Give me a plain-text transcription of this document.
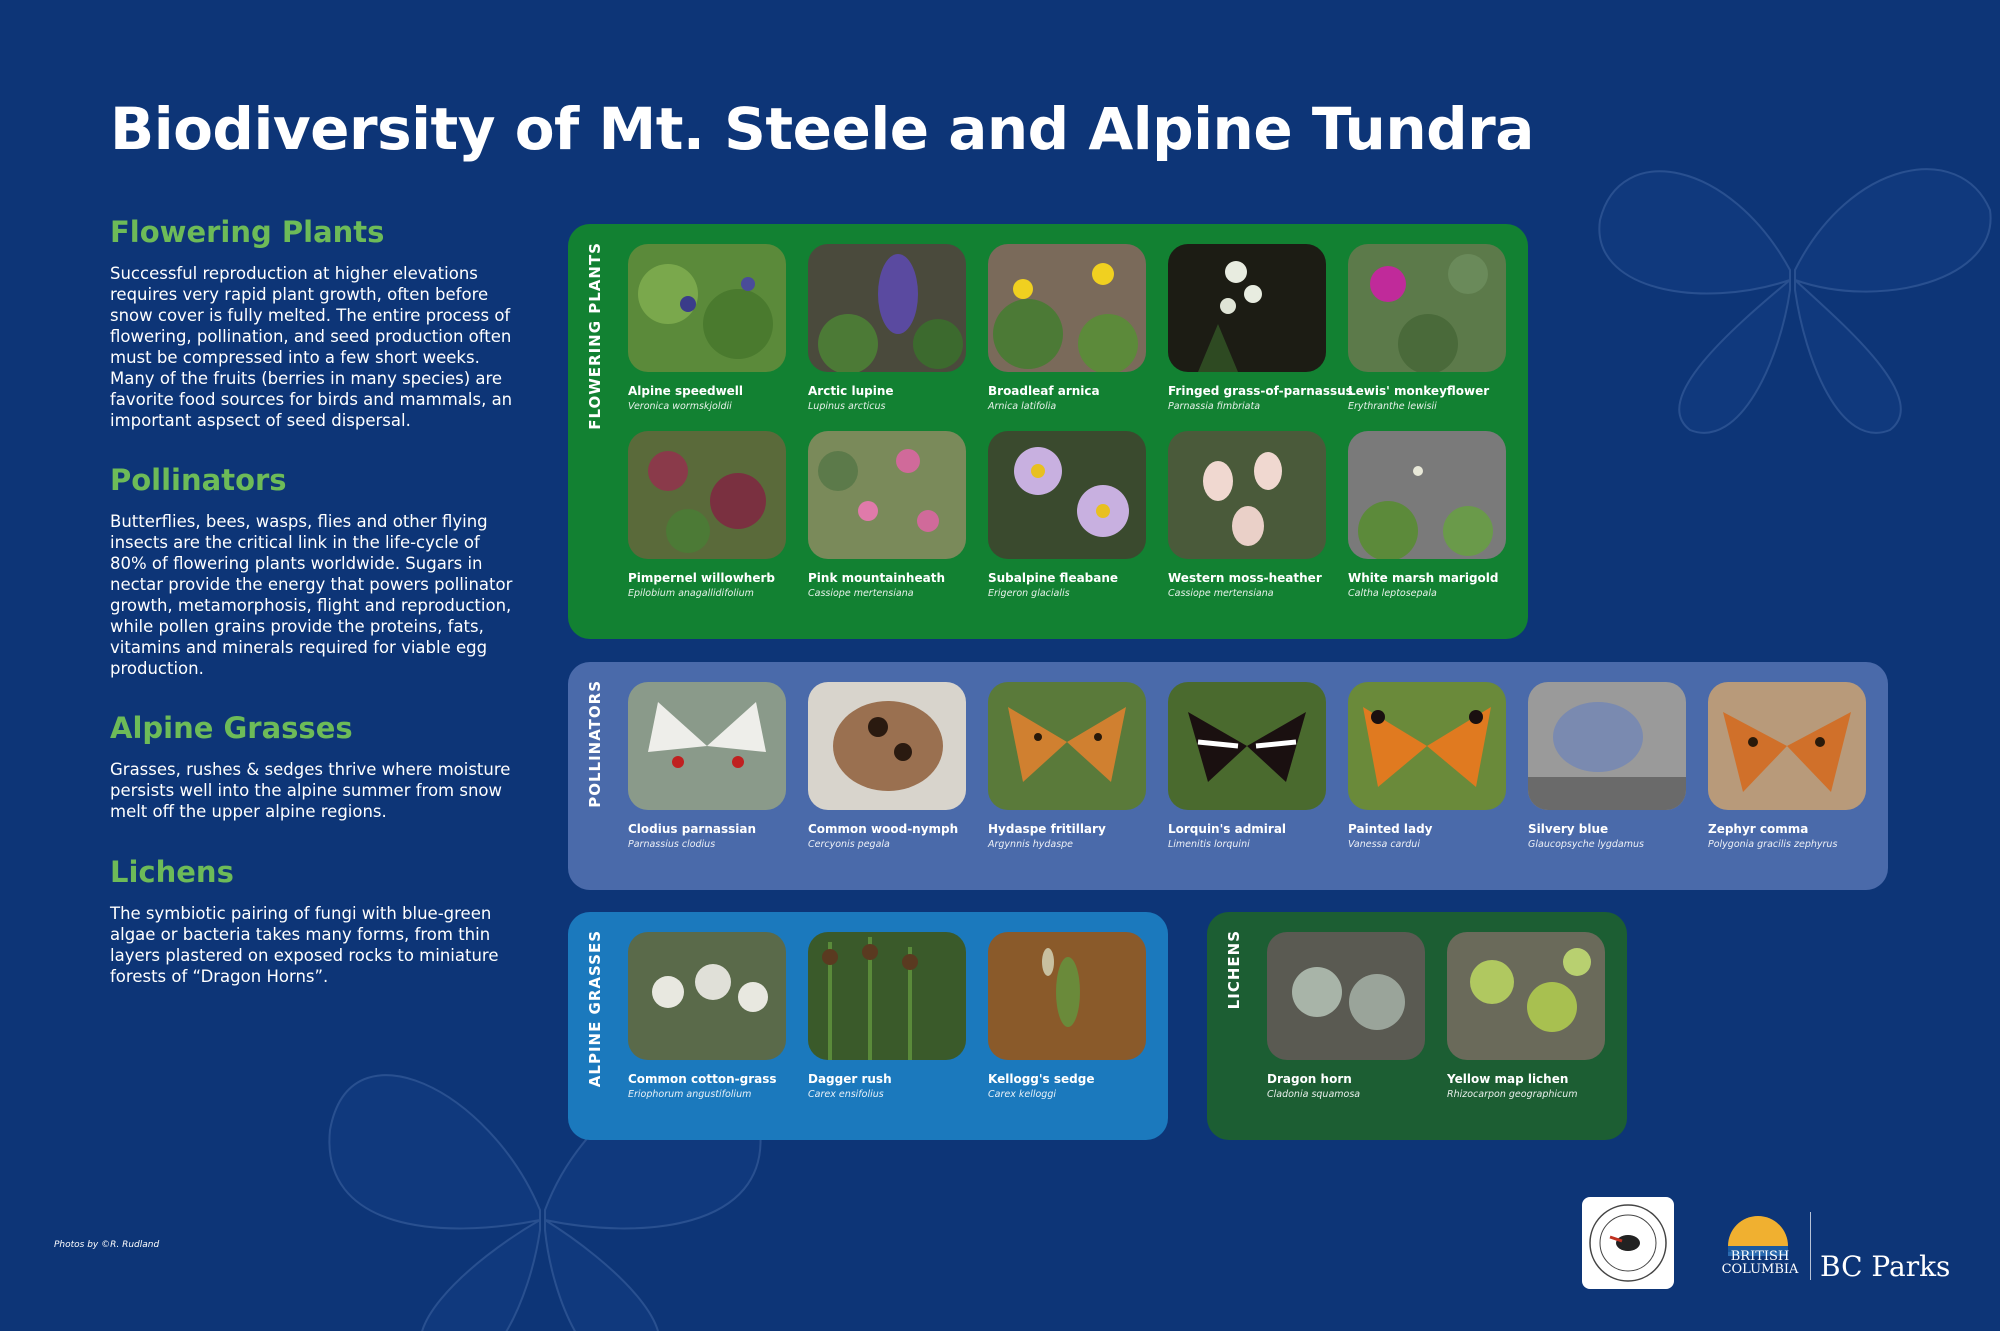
Biodiversity of Mt. Steele and Alpine Tundra
Flowering Plants
Successful reproduction at higher elevations requires very rapid plant growth, often before snow cover is fully melted. The entire process of flowering, pollination, and seed production often must be compressed into a few short weeks. Many of the fruits (berries in many species) are favorite food sources for birds and mammals, an important aspsect of seed dispersal.
Pollinators
Butterflies, bees, wasps, flies and other flying insects are the critical link in the life-cycle of 80% of flowering plants worldwide. Sugars in nectar provide the energy that powers pollinator growth, metamorphosis, flight and reproduction, while pollen grains provide the proteins, fats, vitamins and minerals required for viable egg production.
Alpine Grasses
Grasses, rushes & sedges thrive where moisture persists well into the alpine summer from snow melt off the upper alpine regions.
Lichens
The symbiotic pairing of fungi with blue-green algae or bacteria takes many forms, from thin layers plastered on exposed rocks to miniature forests of “Dragon Horns”.
FLOWERING PLANTS Alpine speedwell
Veronica wormskjoldii
Arctic lupine
Lupinus arcticus
Broadleaf arnica
Arnica latifolia
Fringed grass-of-parnassus
Parnassia fimbriata
Lewis' monkeyflower
Erythranthe lewisii
Pimpernel willowherb
Epilobium anagallidifolium
Pink mountainheath
Cassiope mertensiana
Subalpine fleabane
Erigeron glacialis
Western moss-heather
Cassiope mertensiana
White marsh marigold
Caltha leptosepala
POLLINATORS
Clodius parnassian
Parnassius clodius
Common wood-nymph
Cercyonis pegala
Hydaspe fritillary
Argynnis hydaspe
Lorquin's admiral
Limenitis lorquini
Painted lady
Vanessa cardui
Silvery blue
Glaucopsyche lygdamus
Zephyr comma
Polygonia gracilis zephyrus
ALPINE GRASSES Common cotton-grass
Eriophorum angustifolium
Dagger rush
Carex ensifolius
Kellogg's sedge
Carex kelloggi
LICHENS
Dragon horn
Cladonia squamosa
Yellow map lichen
Rhizocarpon geographicum
Photos by ©R. Rudland
BRITISH
COLUMBIA BC Parks
